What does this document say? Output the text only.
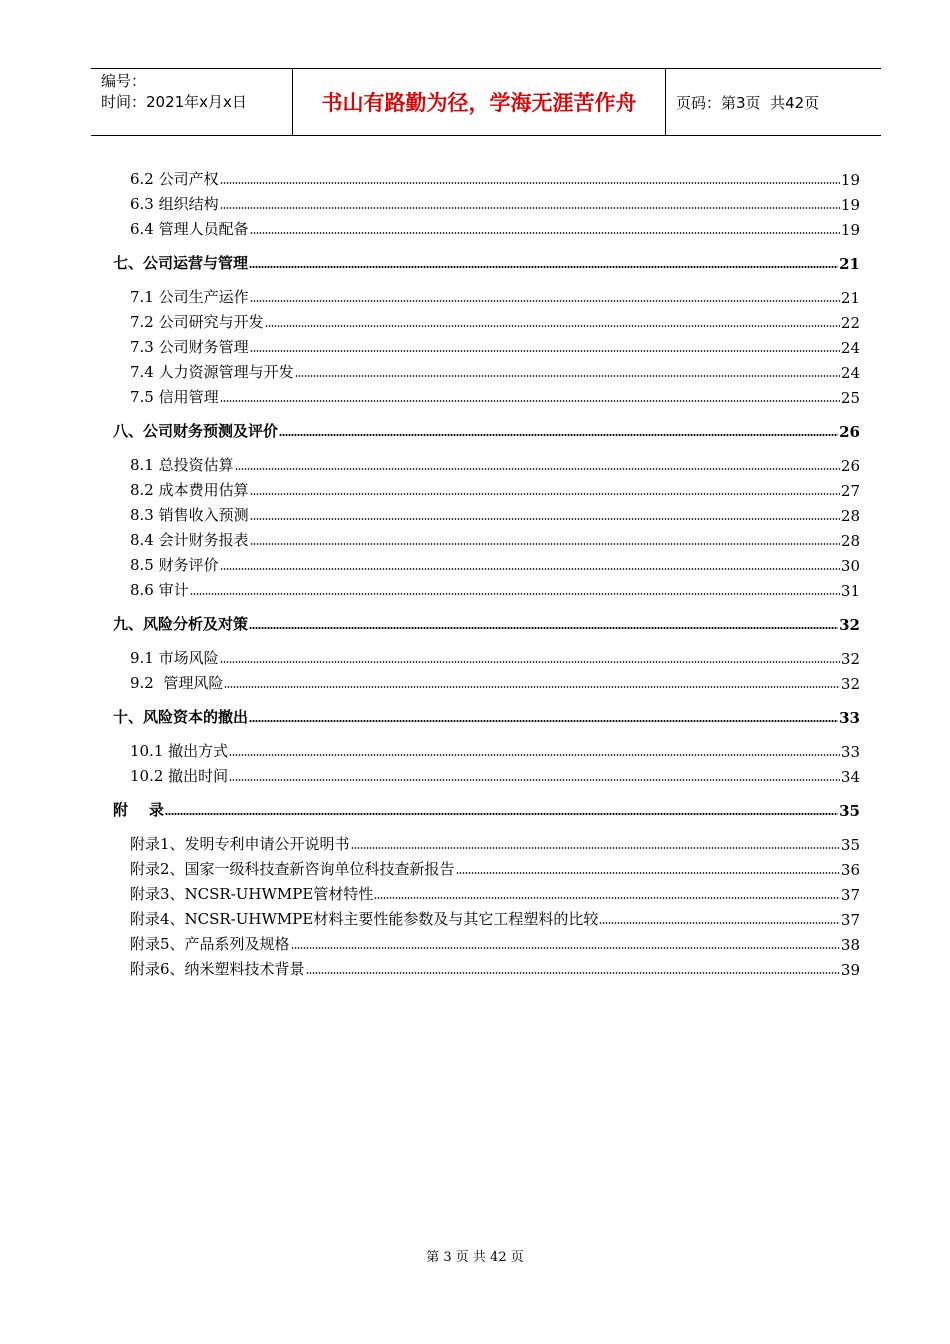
编号：
时间：2021年x月x日	书山有路勤为径，学海无涯苦作舟	页码：第3页  共42页
6.2 公司产权	19
6.3 组织结构	19
6.4 管理人员配备	19
七、公司运营与管理	21
7.1 公司生产运作	21
7.2 公司研究与开发	22
7.3 公司财务管理	24
7.4 人力资源管理与开发	24
7.5 信用管理	25
八、公司财务预测及评价	26
8.1 总投资估算	26
8.2 成本费用估算	27
8.3 销售收入预测	28
8.4 会计财务报表	28
8.5 财务评价	30
8.6 审计	31
九、风险分析及对策	32
9.1 市场风险	32
9.2  管理风险	32
十、风险资本的撤出	33
10.1 撤出方式	33
10.2 撤出时间	34
附    录	35
附录1、发明专利申请公开说明书	35
附录2、国家一级科技查新咨询单位科技查新报告	36
附录3、NCSR-UHWMPE管材特性	37
附录4、NCSR-UHWMPE材料主要性能参数及与其它工程塑料的比较	37
附录5、产品系列及规格	38
附录6、纳米塑料技术背景	39
第 3 页 共 42 页
